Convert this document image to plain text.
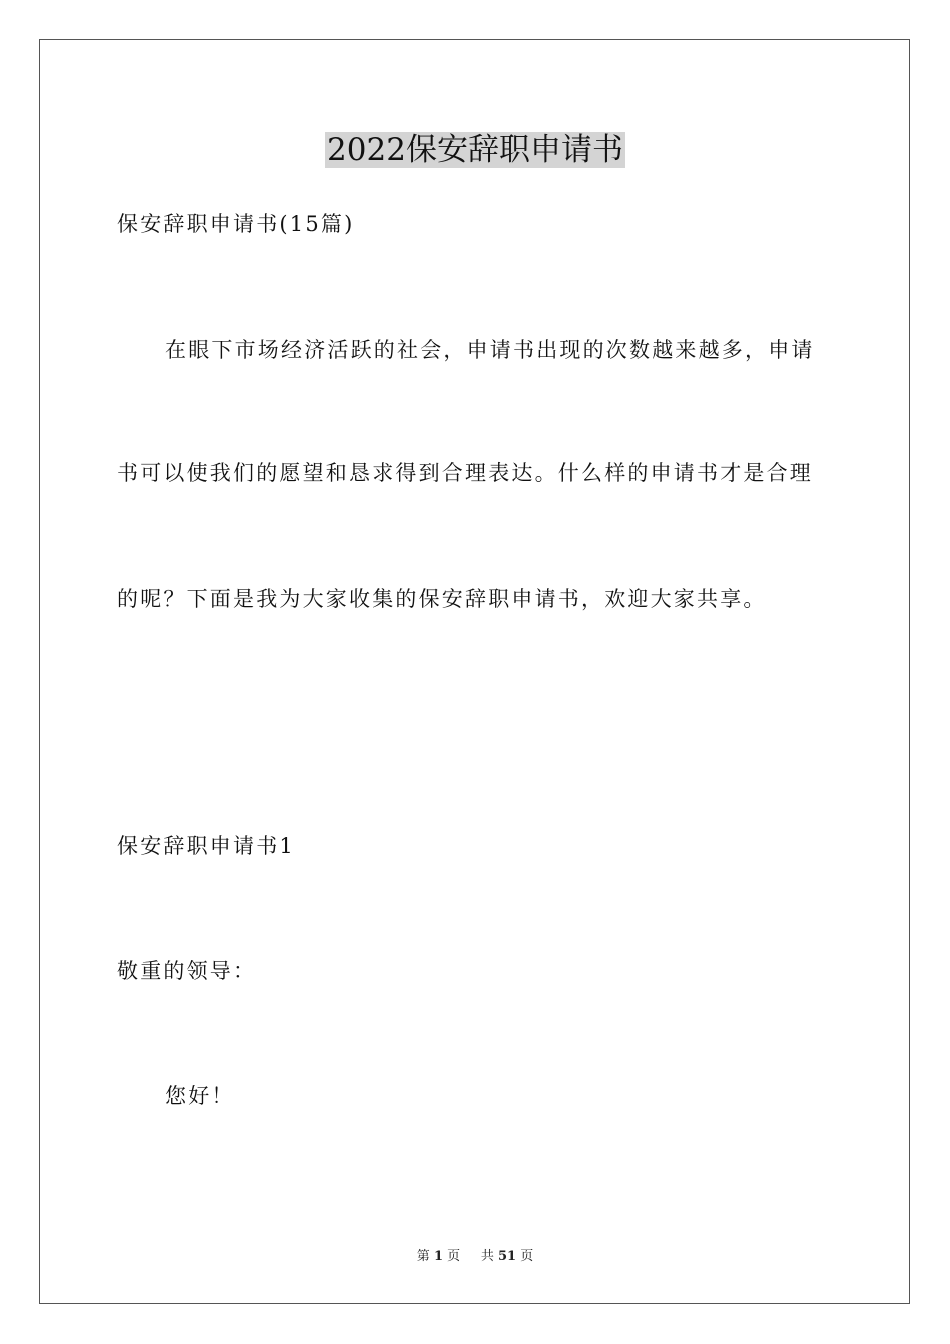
2022保安辞职申请书
保安辞职申请书(15篇)
在眼下市场经济活跃的社会，申请书出现的次数越来越多，申请
书可以使我们的愿望和恳求得到合理表达。什么样的申请书才是合理
的呢？下面是我为大家收集的保安辞职申请书，欢迎大家共享。
保安辞职申请书1
敬重的领导：
您好！
第 1 页 共 51 页
